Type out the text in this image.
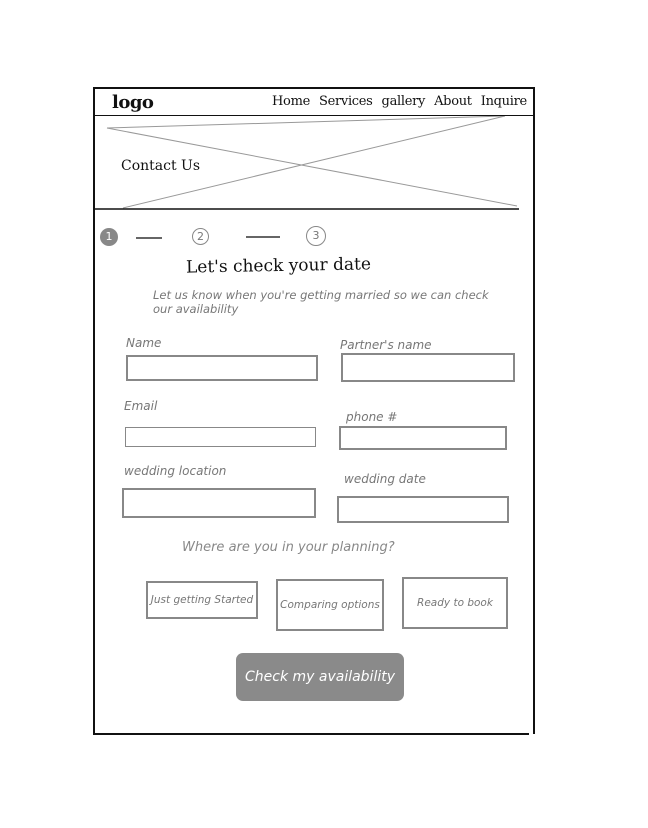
logo	Home Services gallery About Inquire
Contact Us
1	2	3
Let's check your date
Let us know when you're getting married so we can check our availability
Name	Partner's name
Email
phone #
wedding location
wedding date
Where are you in your planning?
Just getting Started	Comparing options	Ready to book
Check my availability
